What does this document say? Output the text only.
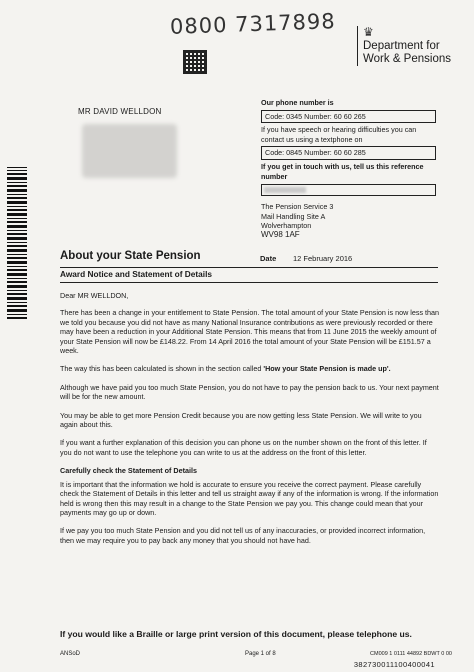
0800 7317898 ♛
Department for Work & Pensions
MR DAVID WELLDON
Our phone number is
Code: 0345 Number: 60 60 265
If you have speech or hearing difficulties you can contact us using a textphone on
Code: 0845 Number: 60 60 285
If you get in touch with us, tell us this reference number
The Pension Service 3
Mail Handling Site A
Wolverhampton
WV98 1AF
About your State Pension	Date 12 February 2016
Award Notice and Statement of Details

Dear MR WELLDON,

There has been a change in your entitlement to State Pension. The total amount of your State Pension is now less than we told you because you did not have as many National Insurance contributions as were previously recorded or there may have been a reduction in your Additional State Pension. This means that from 11 June 2015 the weekly amount of your State Pension will now be £148.22. From 14 April 2016 the total amount of your State Pension will be £151.57 a week.

The way this has been calculated is shown in the section called 'How your State Pension is made up'.

Although we have paid you too much State Pension, you do not have to pay the pension back to us. Your next payment will be for the new amount.

You may be able to get more Pension Credit because you are now getting less State Pension. We will write to you again about this.

If you want a further explanation of this decision you can phone us on the number shown on the front of this letter. If you do not want to use the telephone you can write to us at the address on the front of this letter.

Carefully check the Statement of Details

It is important that the information we hold is accurate to ensure you receive the correct payment. Please carefully check the Statement of Details in this letter and tell us straight away if any of the information is wrong. If the information held is wrong then this may result in a change to the State Pension we pay you. This change could mean that your payments may go up or down.

If we pay you too much State Pension and you did not tell us of any inaccuracies, or provided incorrect information, then we may require you to pay back any money that you should not have had.

If you would like a Braille or large print version of this document, please telephone us.
ANSoD	Page 1 of 8	CM009 1 0111 44892 BDWT 0 00
382730011100400041
